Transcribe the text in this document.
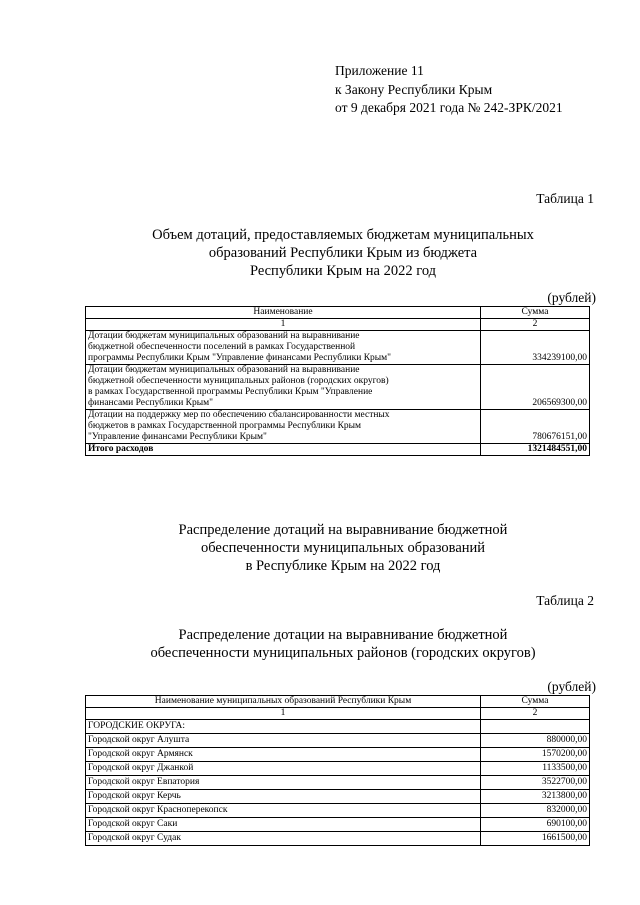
Приложение 11
к Закону Республики Крым
от 9 декабря 2021 года № 242-ЗРК/2021
Таблица 1
Объем дотаций, предоставляемых бюджетам муниципальных
образований Республики Крым из бюджета
Республики Крым на 2022 год
(рублей)
Наименование	Сумма
1	2

Дотации бюджетам муниципальных образований на выравнивание
бюджетной обеспеченности поселений в рамках Государственной
программы Республики Крым "Управление финансами Республики Крым"	334239100,00

Дотации бюджетам муниципальных образований на выравнивание
бюджетной обеспеченности муниципальных районов (городских округов)
в рамках Государственной программы Республики Крым "Управление
финансами Республики Крым"	206569300,00

Дотации на поддержку мер по обеспечению сбалансированности местных
бюджетов в рамках Государственной программы Республики Крым
"Управление финансами Республики Крым"	780676151,00
Итого расходов	1321484551,00
Распределение дотаций на выравнивание бюджетной
обеспеченности муниципальных образований
в Республике Крым на 2022 год
Таблица 2
Распределение дотации на выравнивание бюджетной
обеспеченности муниципальных районов (городских округов)
(рублей)
Наименование муниципальных образований Республики Крым	Сумма
1	2
ГОРОДСКИЕ ОКРУГА:	
Городской округ Алушта	880000,00
Городской округ Армянск	1570200,00
Городской округ Джанкой	1133500,00
Городской округ Евпатория	3522700,00
Городской округ Керчь	3213800,00
Городской округ Красноперекопск	832000,00
Городской округ Саки	690100,00
Городской округ Судак	1661500,00
